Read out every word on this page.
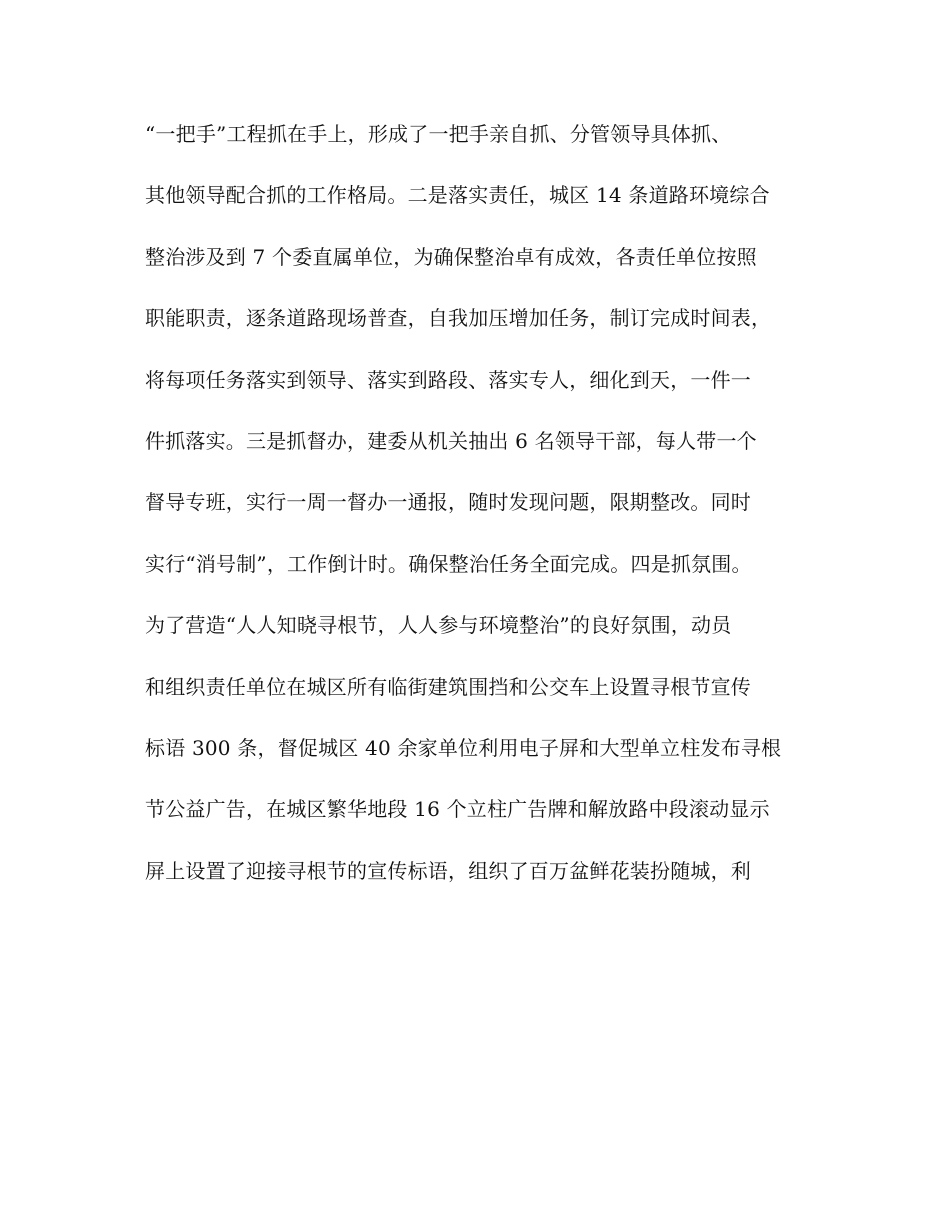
“一把手”工程抓在手上，形成了一把手亲自抓、分管领导具体抓、
其他领导配合抓的工作格局。二是落实责任，城区 14 条道路环境综合
整治涉及到 7 个委直属单位，为确保整治卓有成效，各责任单位按照
职能职责，逐条道路现场普查，自我加压增加任务，制订完成时间表，
将每项任务落实到领导、落实到路段、落实专人，细化到天，一件一
件抓落实。三是抓督办，建委从机关抽出 6 名领导干部，每人带一个
督导专班，实行一周一督办一通报，随时发现问题，限期整改。同时
实行“消号制”，工作倒计时。确保整治任务全面完成。四是抓氛围。
为了营造“人人知晓寻根节，人人参与环境整治”的良好氛围，动员
和组织责任单位在城区所有临街建筑围挡和公交车上设置寻根节宣传
标语 300 条，督促城区 40 余家单位利用电子屏和大型单立柱发布寻根
节公益广告，在城区繁华地段 16 个立柱广告牌和解放路中段滚动显示
屏上设置了迎接寻根节的宣传标语，组织了百万盆鲜花装扮随城，利
